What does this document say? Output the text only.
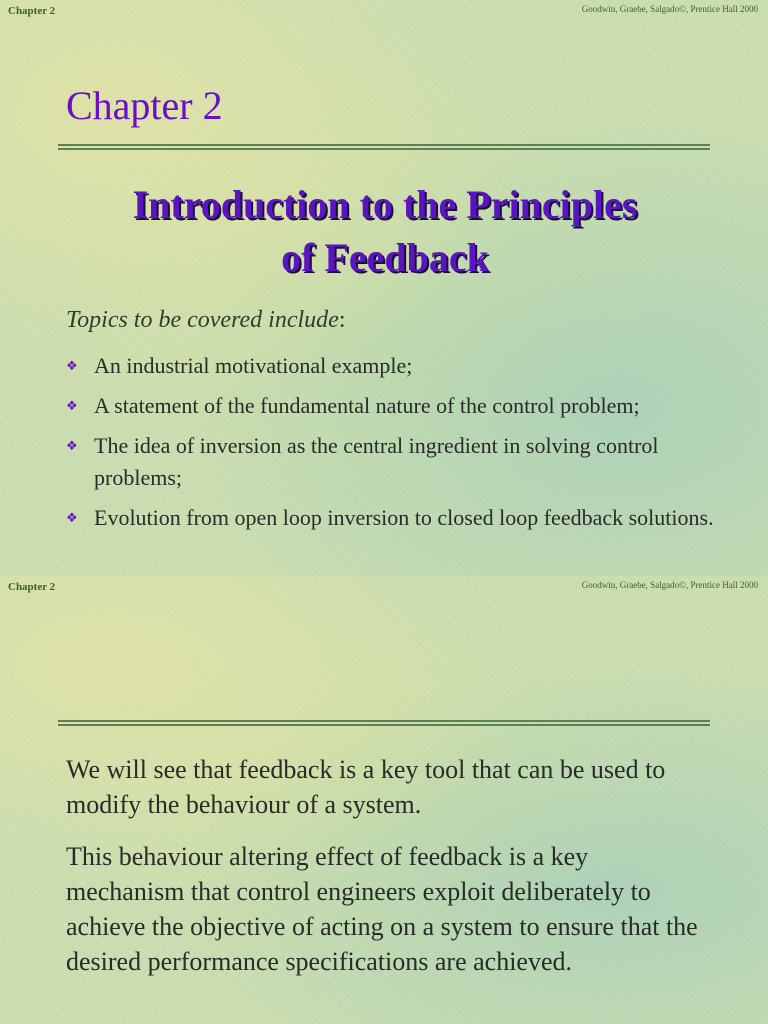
Chapter 2	Goodwin, Graebe, Salgado©, Prentice Hall 2000
Chapter 2
Introduction to the Principles
of Feedback
Topics to be covered include:
❖ An industrial motivational example;
❖ A statement of the fundamental nature of the control problem;
❖ The idea of inversion as the central ingredient in solving control problems;
❖ Evolution from open loop inversion to closed loop feedback solutions.
Chapter 2	Goodwin, Graebe, Salgado©, Prentice Hall 2000

We will see that feedback is a key tool that can be used to modify the behaviour of a system.

This behaviour altering effect of feedback is a key mechanism that control engineers exploit deliberately to achieve the objective of acting on a system to ensure that the desired performance specifications are achieved.
